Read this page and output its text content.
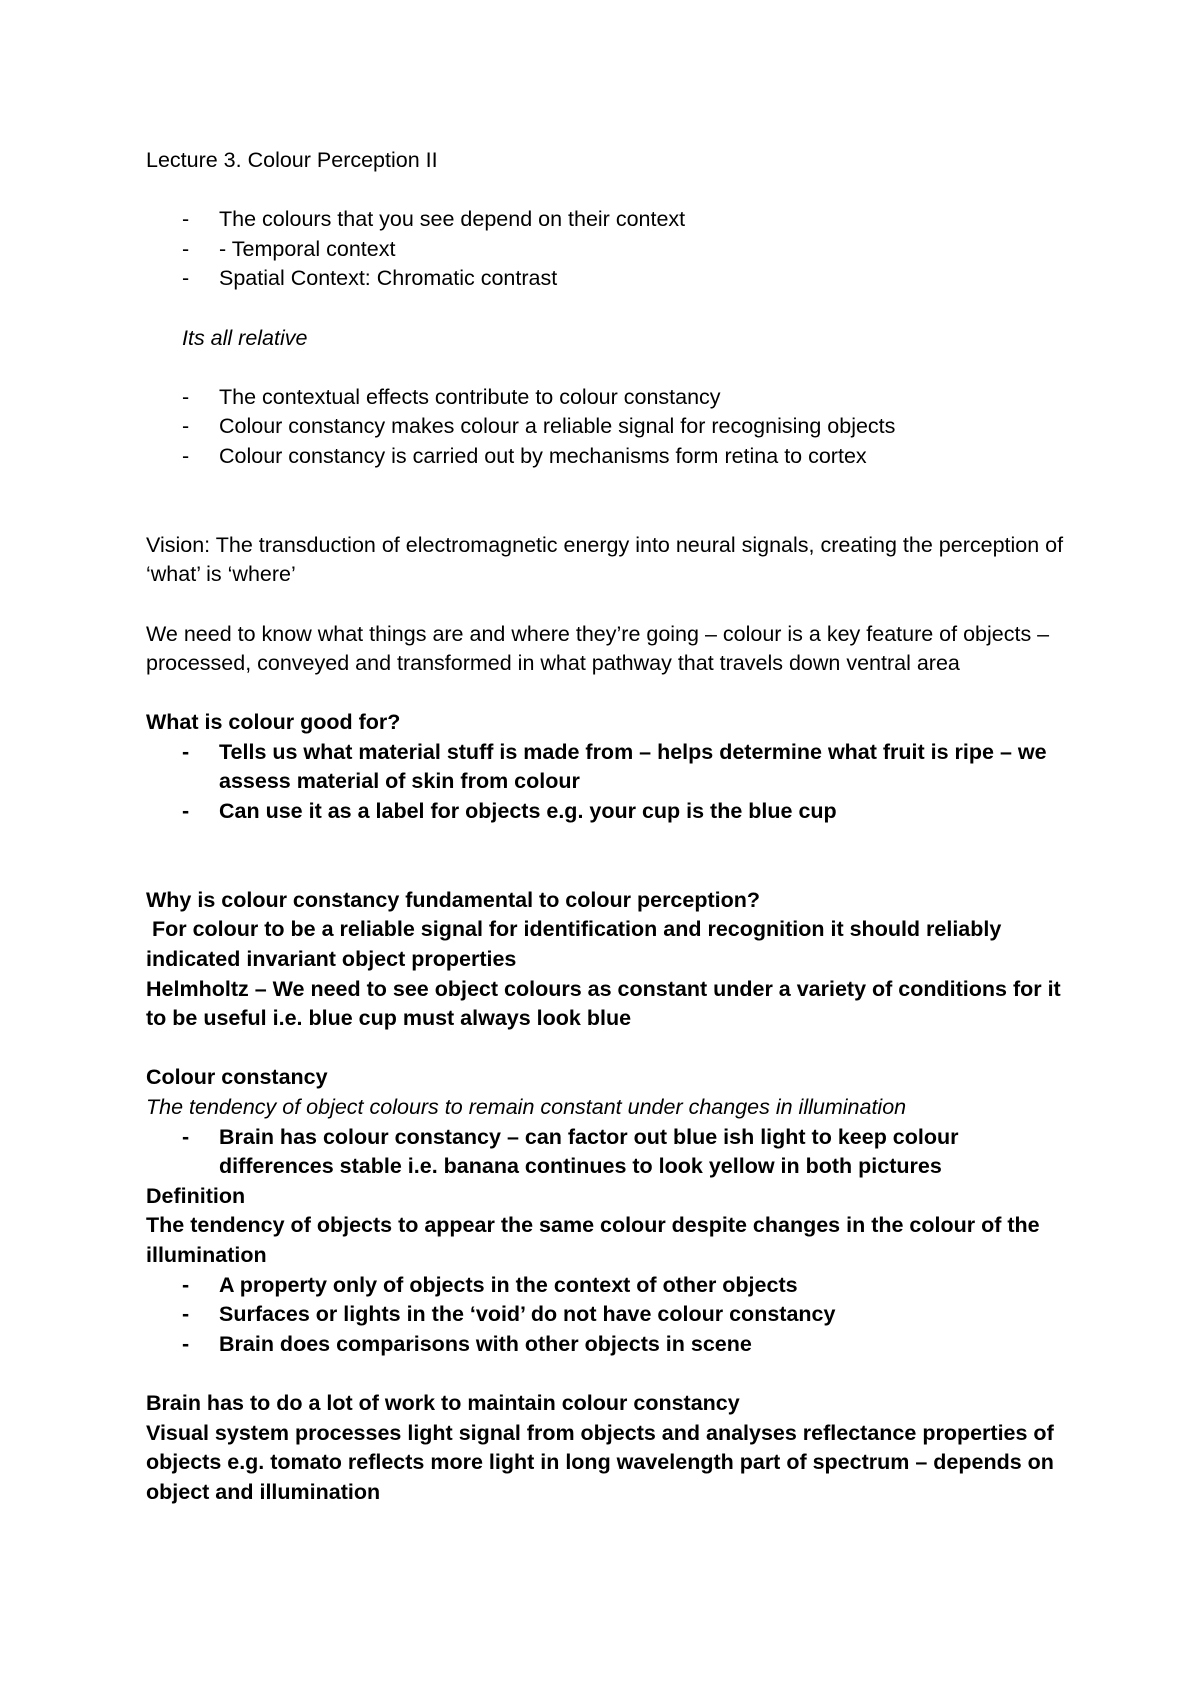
Lecture 3. Colour Perception II

- The colours that you see depend on their context
- - Temporal context
- Spatial Context: Chromatic contrast

Its all relative

- The contextual effects contribute to colour constancy
- Colour constancy makes colour a reliable signal for recognising objects
- Colour constancy is carried out by mechanisms form retina to cortex

Vision: The transduction of electromagnetic energy into neural signals, creating the perception of ‘what’ is ‘where’

We need to know what things are and where they’re going – colour is a key feature of objects – processed, conveyed and transformed in what pathway that travels down ventral area

What is colour good for?

- Tells us what material stuff is made from – helps determine what fruit is ripe – we assess material of skin from colour
- Can use it as a label for objects e.g. your cup is the blue cup

Why is colour constancy fundamental to colour perception?

For colour to be a reliable signal for identification and recognition it should reliably indicated invariant object properties

Helmholtz – We need to see object colours as constant under a variety of conditions for it to be useful i.e. blue cup must always look blue

Colour constancy

The tendency of object colours to remain constant under changes in illumination

- Brain has colour constancy – can factor out blue ish light to keep colour differences stable i.e. banana continues to look yellow in both pictures

Definition

The tendency of objects to appear the same colour despite changes in the colour of the illumination

- A property only of objects in the context of other objects
- Surfaces or lights in the ‘void’ do not have colour constancy
- Brain does comparisons with other objects in scene

Brain has to do a lot of work to maintain colour constancy

Visual system processes light signal from objects and analyses reflectance properties of objects e.g. tomato reflects more light in long wavelength part of spectrum – depends on object and illumination
